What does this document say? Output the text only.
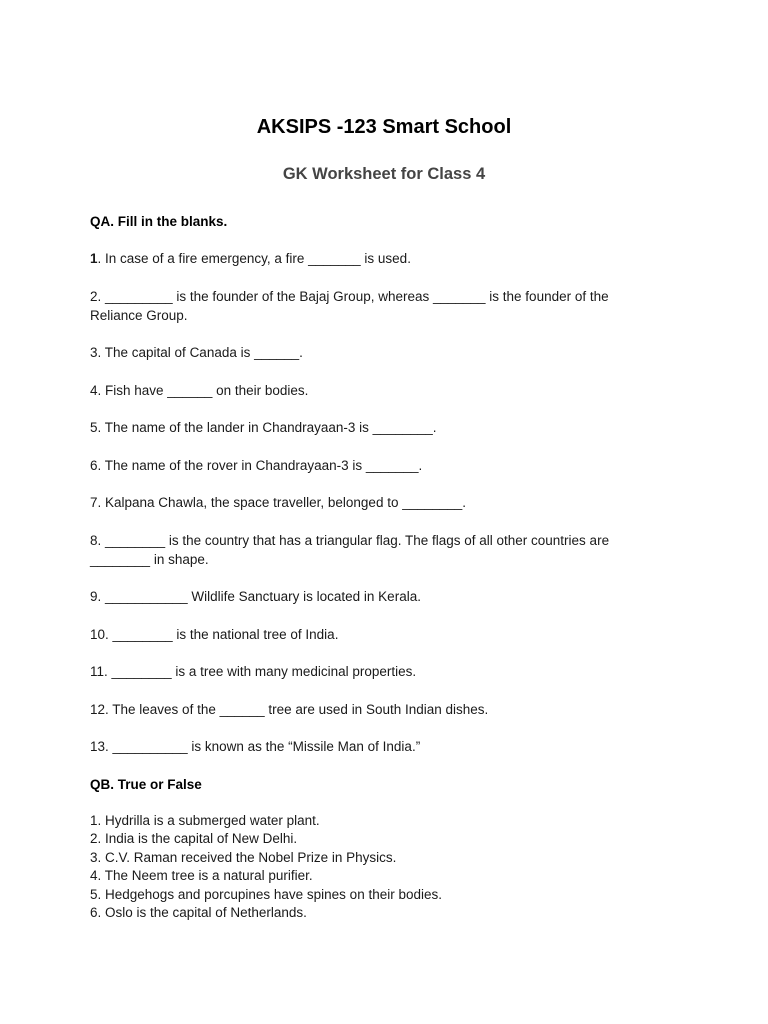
AKSIPS -123 Smart School
GK Worksheet for Class 4

QA. Fill in the blanks.

1. In case of a fire emergency, a fire _______ is used.
2. _________ is the founder of the Bajaj Group, whereas _______ is the founder of the Reliance Group.
3. The capital of Canada is ______.
4. Fish have ______ on their bodies.
5. The name of the lander in Chandrayaan-3 is ________.
6. The name of the rover in Chandrayaan-3 is _______.
7. Kalpana Chawla, the space traveller, belonged to ________.
8. ________ is the country that has a triangular flag. The flags of all other countries are ________ in shape.
9. ___________ Wildlife Sanctuary is located in Kerala.
10. ________ is the national tree of India.
11. ________ is a tree with many medicinal properties.
12. The leaves of the ______ tree are used in South Indian dishes.
13. __________ is known as the “Missile Man of India.”

QB. True or False

1. Hydrilla is a submerged water plant.
2. India is the capital of New Delhi.
3. C.V. Raman received the Nobel Prize in Physics.
4. The Neem tree is a natural purifier.
5. Hedgehogs and porcupines have spines on their bodies.
6. Oslo is the capital of Netherlands.
